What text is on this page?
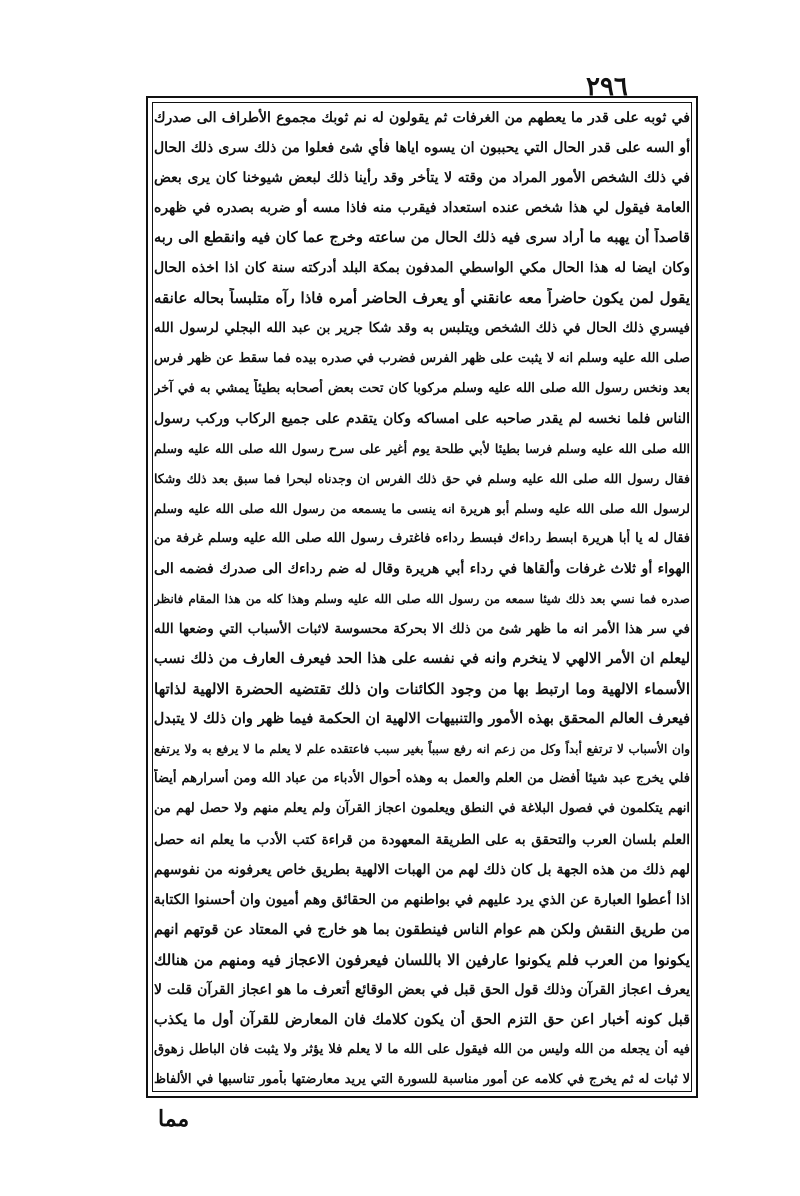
٢٩٦
في ثوبه على قدر ما يعطهم من الغرفات ثم يقولون له نم ثوبك مجموع الأطراف الى صدرك
أو السه على قدر الحال التي يحببون ان يسوه اياها فأي شئ فعلوا من ذلك سرى ذلك الحال
في ذلك الشخص الأمور المراد من وقته لا يتأخر وقد رأينا ذلك لبعض شيوخنا كان يرى بعض
العامة فيقول لي هذا شخص عنده استعداد فيقرب منه فاذا مسه أو ضربه بصدره في ظهره
قاصداً أن يهبه ما أراد سرى فيه ذلك الحال من ساعته وخرج عما كان فيه وانقطع الى ربه
وكان ايضا له هذا الحال مكي الواسطي المدفون بمكة البلد أدركته سنة كان اذا اخذه الحال
يقول لمن يكون حاضراً معه عانقني أو يعرف الحاضر أمره فاذا رآه متلبساً بحاله عانقه
فيسري ذلك الحال في ذلك الشخص ويتلبس به وقد شكا جرير بن عبد الله البجلي لرسول الله
صلى الله عليه وسلم انه لا يثبت على ظهر الفرس فضرب في صدره بيده فما سقط عن ظهر فرس
بعد ونخس رسول الله صلى الله عليه وسلم مركوبا كان تحت بعض أصحابه بطيئاً يمشي به في آخر
الناس فلما نخسه لم يقدر صاحبه على امساكه وكان يتقدم على جميع الركاب وركب رسول
الله صلى الله عليه وسلم فرسا بطيئا لأبي طلحة يوم أغير على سرح رسول الله صلى الله عليه وسلم
فقال رسول الله صلى الله عليه وسلم في حق ذلك الفرس ان وجدناه لبحرا فما سبق بعد ذلك وشكا
لرسول الله صلى الله عليه وسلم أبو هريرة انه ينسى ما يسمعه من رسول الله صلى الله عليه وسلم
فقال له يا أبا هريرة ابسط رداءك فبسط رداءه فاغترف رسول الله صلى الله عليه وسلم غرفة من
الهواء أو ثلاث غرفات وألقاها في رداء أبي هريرة وقال له ضم رداءك الى صدرك فضمه الى
صدره فما نسي بعد ذلك شيئا سمعه من رسول الله صلى الله عليه وسلم وهذا كله من هذا المقام فانظر
في سر هذا الأمر انه ما ظهر شئ من ذلك الا بحركة محسوسة لاثبات الأسباب التي وضعها الله
ليعلم ان الأمر الالهي لا ينخرم وانه في نفسه على هذا الحد فيعرف العارف من ذلك نسب
الأسماء الالهية وما ارتبط بها من وجود الكائنات وان ذلك تقتضيه الحضرة الالهية لذاتها
فيعرف العالم المحقق بهذه الأمور والتنبيهات الالهية ان الحكمة فيما ظهر وان ذلك لا يتبدل
وان الأسباب لا ترتفع أبداً وكل من زعم انه رفع سبباً بغير سبب فاعتقده علم لا يعلم ما لا يرفع به ولا يرتفع
فلي يخرج عبد شيئا أفضل من العلم والعمل به وهذه أحوال الأدباء من عباد الله ومن أسرارهم أيضاً
انهم يتكلمون في فصول البلاغة في النطق ويعلمون اعجاز القرآن ولم يعلم منهم ولا حصل لهم من
العلم بلسان العرب والتحقق به على الطريقة المعهودة من قراءة كتب الأدب ما يعلم انه حصل
لهم ذلك من هذه الجهة بل كان ذلك لهم من الهبات الالهية بطريق خاص يعرفونه من نفوسهم
اذا أعطوا العبارة عن الذي يرد عليهم في بواطنهم من الحقائق وهم أميون وان أحسنوا الكتابة
من طريق النقش ولكن هم عوام الناس فينطقون بما هو خارج في المعتاد عن قوتهم انهم
يكونوا من العرب فلم يكونوا عارفين الا باللسان فيعرفون الاعجاز فيه ومنهم من هنالك
يعرف اعجاز القرآن وذلك قول الحق قبل في بعض الوقائع أتعرف ما هو اعجاز القرآن قلت لا
قبل كونه أخبار اعن حق التزم الحق أن يكون كلامك فان المعارض للقرآن أول ما يكذب
فيه أن يجعله من الله وليس من الله فيقول على الله ما لا يعلم فلا يؤثر ولا يثبت فان الباطل زهوق
لا ثبات له ثم يخرج في كلامه عن أمور مناسبة للسورة التي يريد معارضتها بأمور تناسبها في الألفاظ
مما
